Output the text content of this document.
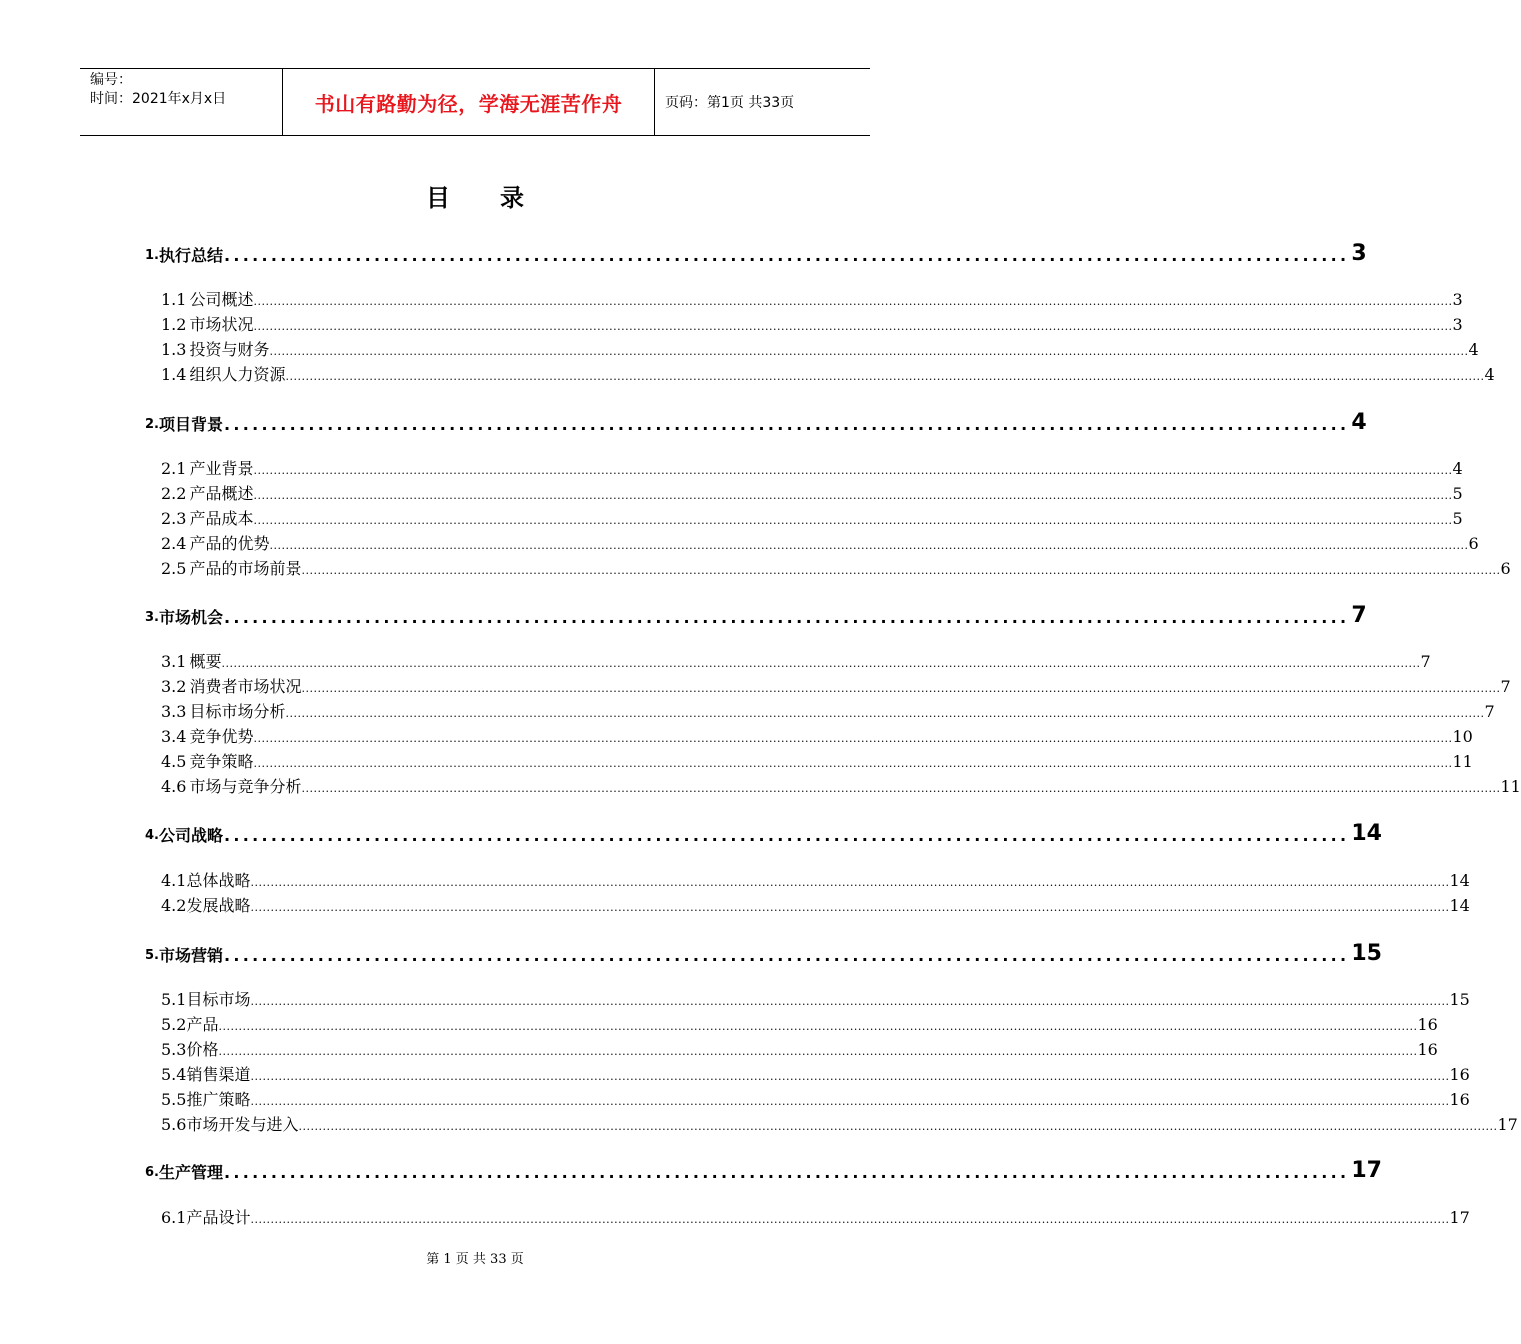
编号：
时间：2021年x月x日	书山有路勤为径，学海无涯苦作舟	页码：第1页 共33页
目 录
1. 执行总结 ........................................................................................................................ 3
1.1 公司概述 ............................................................................................................................................................................................................................................................................................................ 3
1.2 市场状况 ............................................................................................................................................................................................................................................................................................................ 3
1.3 投资与财务 ............................................................................................................................................................................................................................................................................................................ 4
1.4 组织人力资源 ............................................................................................................................................................................................................................................................................................................ 4
2. 项目背景 ........................................................................................................................ 4
2.1 产业背景 ............................................................................................................................................................................................................................................................................................................ 4
2.2 产品概述 ............................................................................................................................................................................................................................................................................................................ 5
2.3 产品成本 ............................................................................................................................................................................................................................................................................................................ 5
2.4 产品的优势 ............................................................................................................................................................................................................................................................................................................ 6
2.5 产品的市场前景 ............................................................................................................................................................................................................................................................................................................ 6
3. 市场机会 ........................................................................................................................ 7
3.1 概要 ............................................................................................................................................................................................................................................................................................................ 7
3.2 消费者市场状况 ............................................................................................................................................................................................................................................................................................................ 7
3.3 目标市场分析 ............................................................................................................................................................................................................................................................................................................ 7
3.4 竞争优势 ............................................................................................................................................................................................................................................................................................................ 10
4.5 竞争策略 ............................................................................................................................................................................................................................................................................................................ 11
4.6 市场与竞争分析 ............................................................................................................................................................................................................................................................................................................ 11
4. 公司战略 ........................................................................................................................ 14
4.1 总体战略 ............................................................................................................................................................................................................................................................................................................ 14
4.2 发展战略 ............................................................................................................................................................................................................................................................................................................ 14
5. 市场营销 ........................................................................................................................ 15
5.1 目标市场 ............................................................................................................................................................................................................................................................................................................ 15
5.2 产品 ............................................................................................................................................................................................................................................................................................................ 16
5.3 价格 ............................................................................................................................................................................................................................................................................................................ 16
5.4 销售渠道 ............................................................................................................................................................................................................................................................................................................ 16
5.5 推广策略 ............................................................................................................................................................................................................................................................................................................ 16
5.6 市场开发与进入 ............................................................................................................................................................................................................................................................................................................ 17
6. 生产管理 ........................................................................................................................ 17
6.1 产品设计 ............................................................................................................................................................................................................................................................................................................ 17
第 1 页 共 33 页
